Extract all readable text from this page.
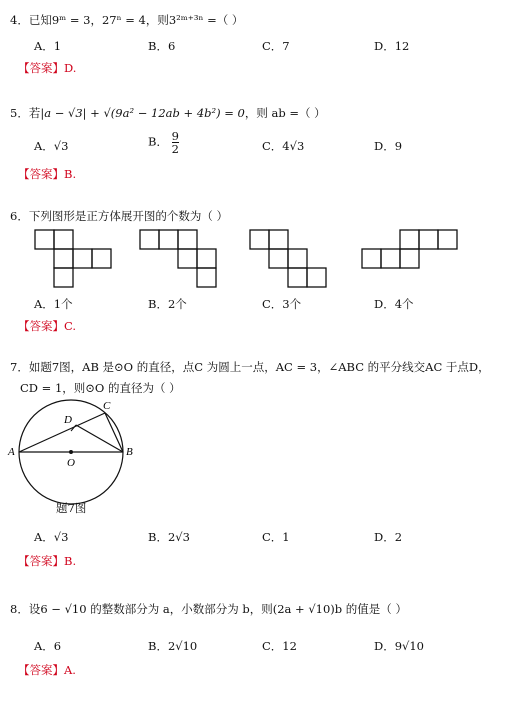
4．已知9ᵐ = 3，27ⁿ = 4，则3²ᵐ⁺³ⁿ =（ ）
A．1	B．6	C．7	D．12
【答案】D.
5．若|a − √3| + √(9a² − 12ab + 4b²) = 0，则 ab =（ ）
A．√3	B． $\frac{9}{2}$	C．4√3	D．9
【答案】B.
6．下列图形是正方体展开图的个数为（ ）
A．1个	B．2个	C．3个	D．4个
【答案】C.
7．如题7图，AB 是⊙O 的直径，点C 为圆上一点，AC = 3，∠ABC 的平分线交AC 于点D，
CD = 1，则⊙O 的直径为（ ）
A	B
C
D
O
题7图
A．√3	B．2√3	C．1	D．2
【答案】B.
8．设6 − √10 的整数部分为 a，小数部分为 b，则(2a + √10)b 的值是（ ）
A．6	B．2√10	C．12	D．9√10
【答案】A.
